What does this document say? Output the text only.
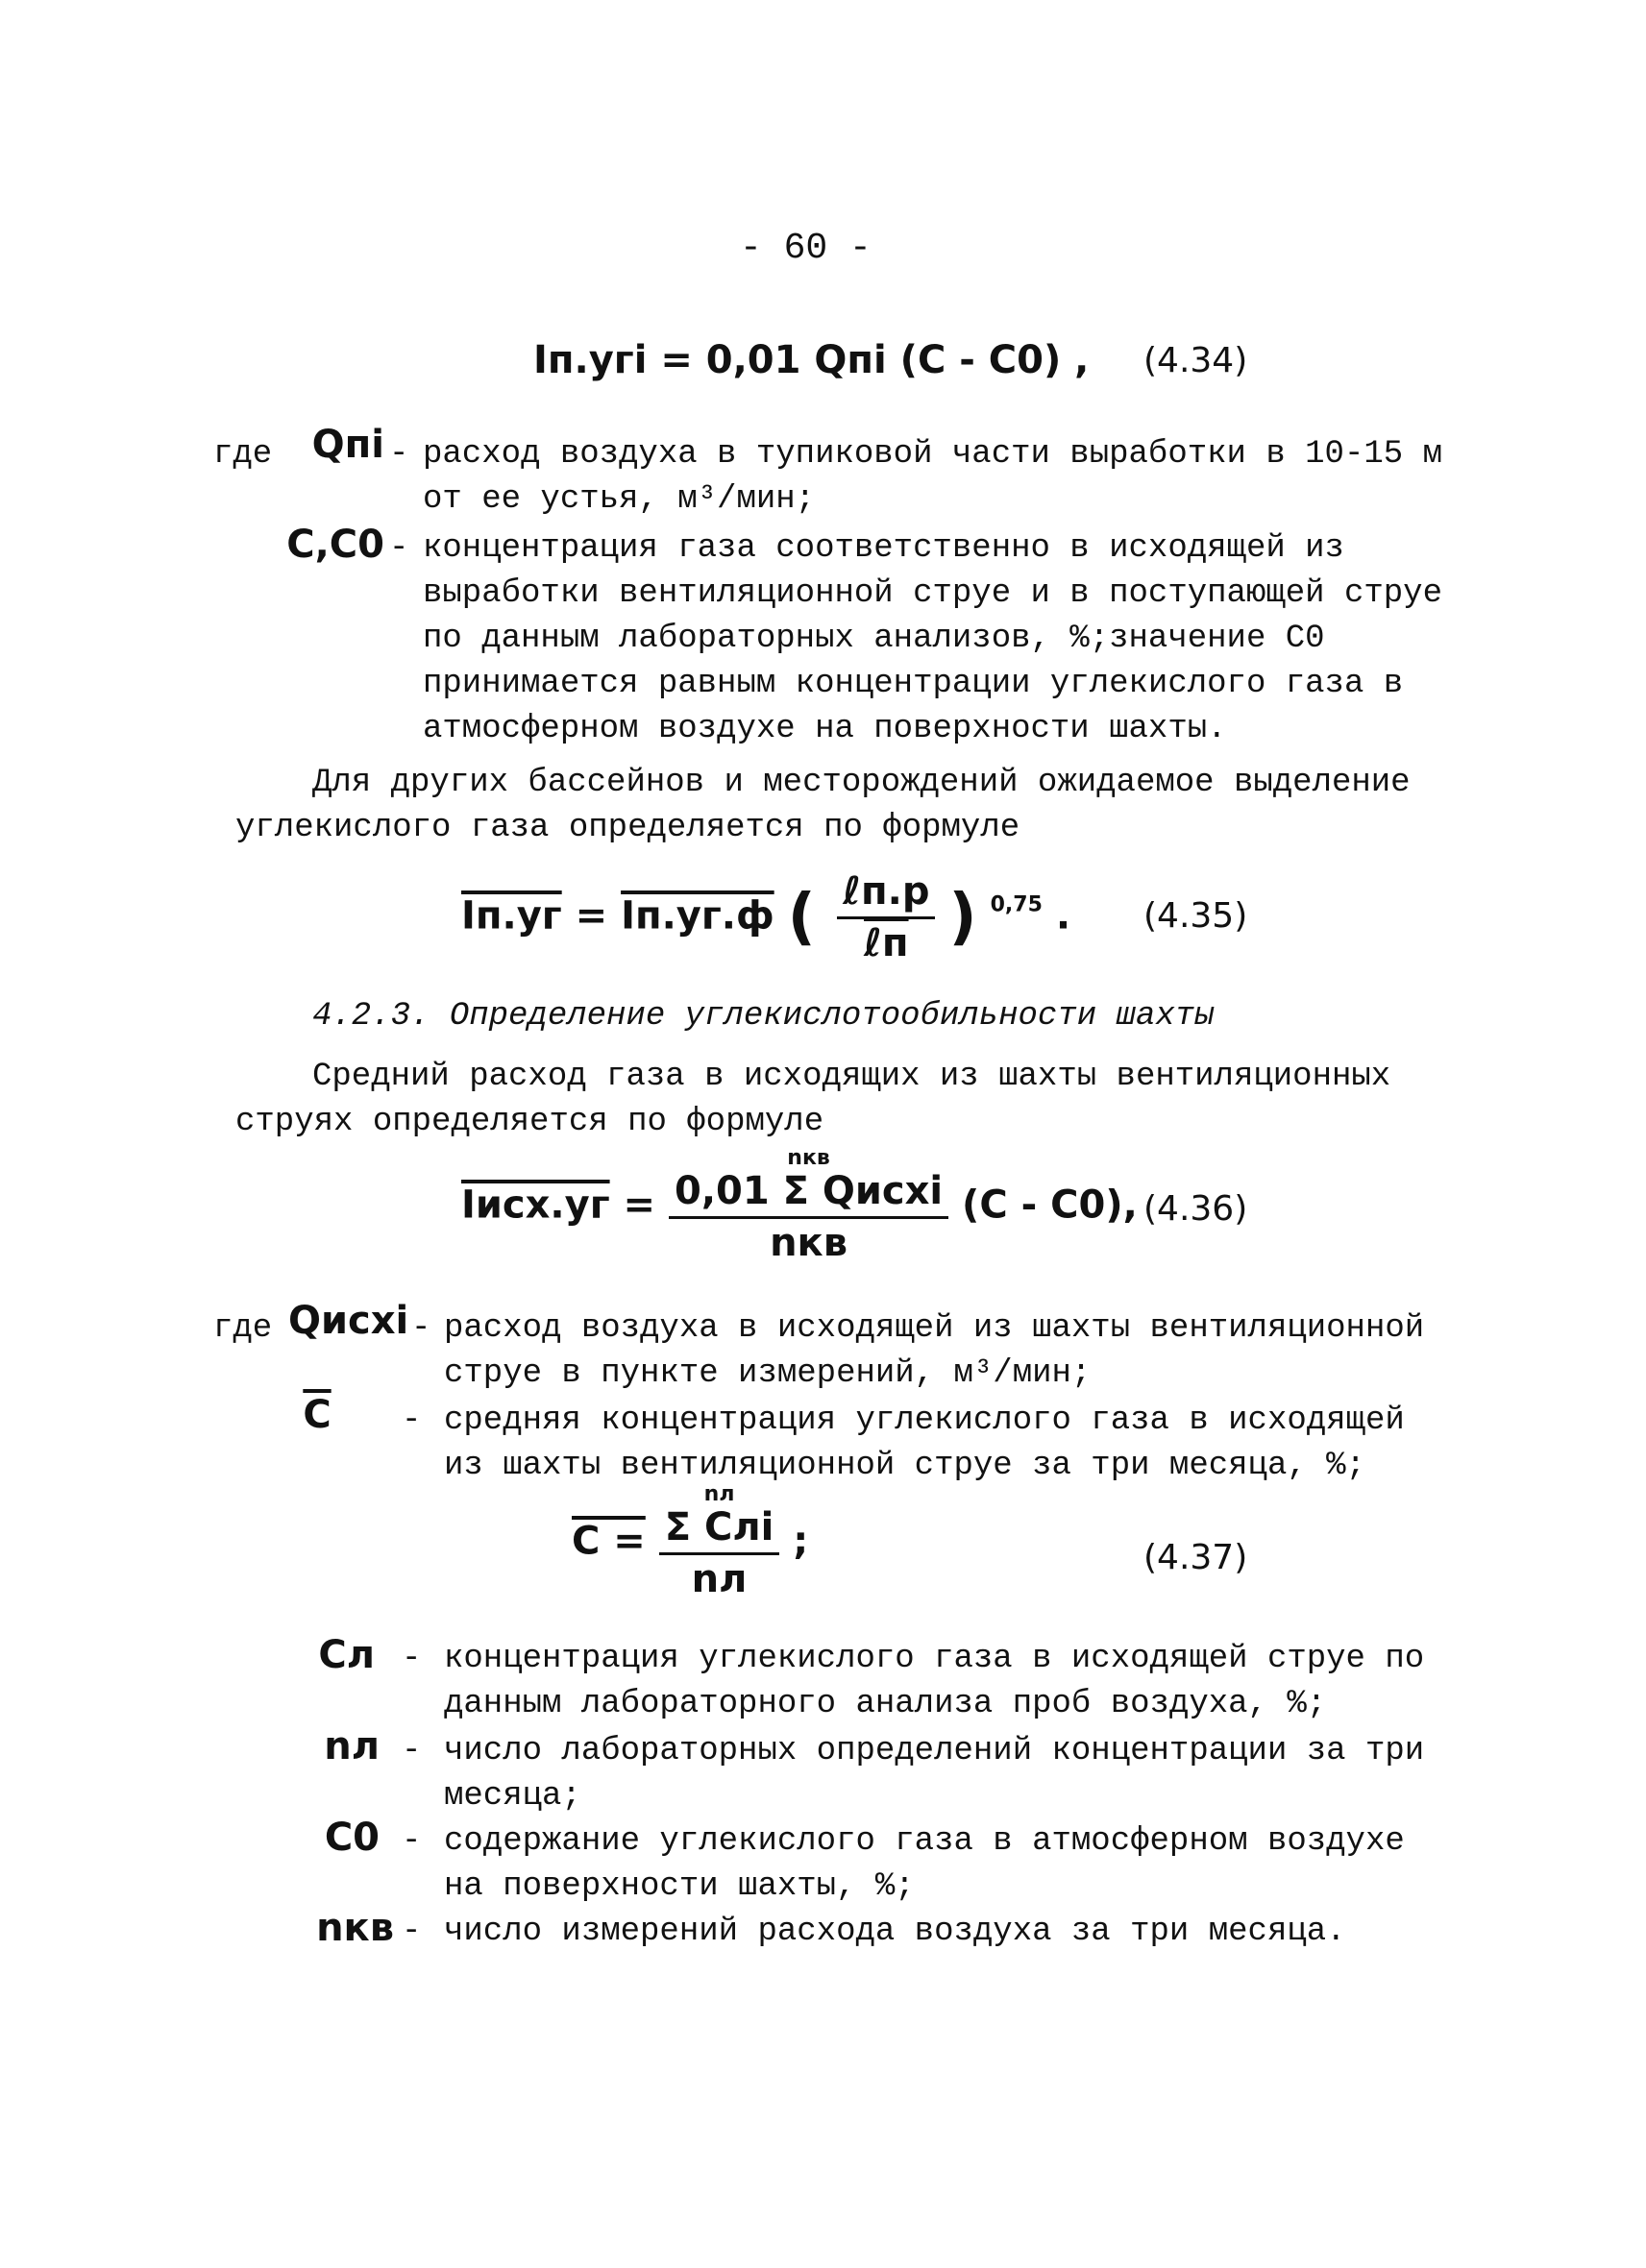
- 60 -
Iп.угi = 0,01 Qпi (C - C0) , (4.34)
где	Qпi - расход воздуха в тупиковой части выработки в 10-15 м от ее устья, м³/мин;
C,C0 - концентрация газа соответственно в исходящей из выработки вентиляционной струе и в поступающей струе по данным лабораторных анализов, %;значение C0 принимается равным концентрации углекислого газа в атмосферном воздухе на поверхности шахты.
Для других бассейнов и месторождений ожидаемое выделение углекислого газа определяется по формуле
Iп.уг = Iп.уг.ф ( $\frac{\text{ℓп.р}}{\text{ℓп}}$ ) $^{0,75}$ . (4.35)
4.2.3. Определение углекислотообильности шахты
Средний расход газа в исходящих из шахты вентиляционных струях определяется по формуле
Iисх.уг =
nкв
0,01 Σ Qисхi
nкв
(C - C0), (4.36)
где Qисхi - расход воздуха в исходящей из шахты вентиляционной струе в пункте измерений, м³/мин;
$\overline{C}$	- средняя концентрация углекислого газа в исходящей из шахты вентиляционной струе за три месяца, %;
C =
nл
Σ Cлi
nл
;	(4.37)
Cл - концентрация углекислого газа в исходящей струе по данным лабораторного анализа проб воздуха, %;
nл - число лабораторных определений концентрации за три месяца;
C0 - содержание углекислого газа в атмосферном воздухе на поверхности шахты, %;
nкв - число измерений расхода воздуха за три месяца.
